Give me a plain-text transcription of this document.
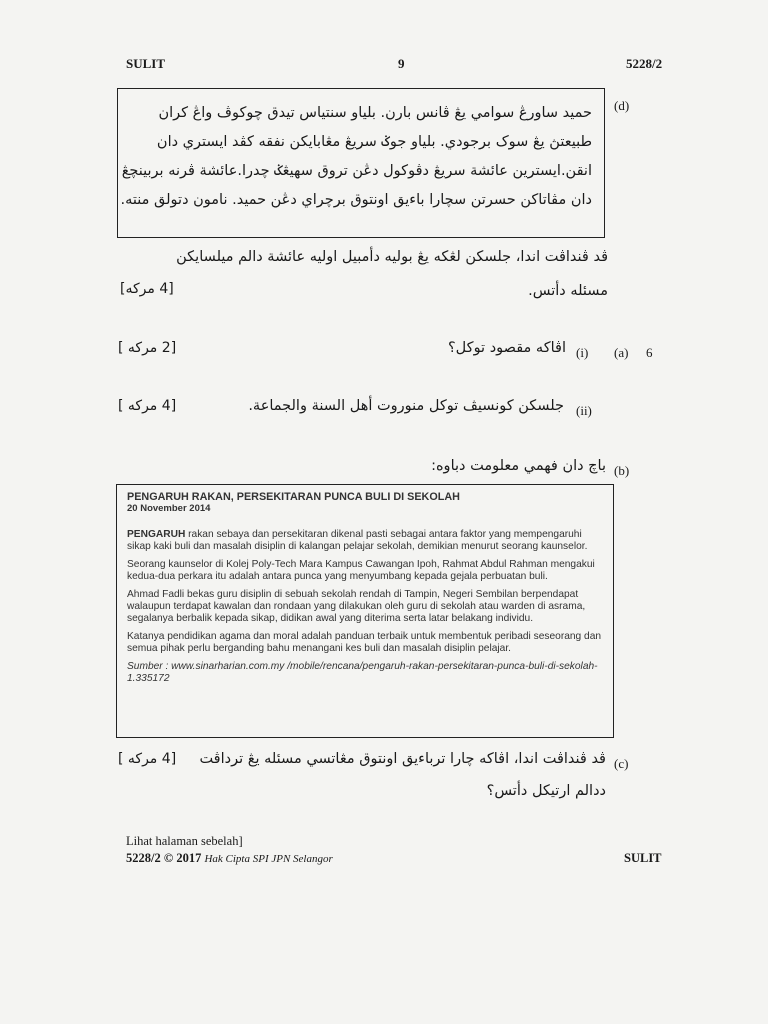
SULIT	9	5228/2
(d)
حميد ساورڠ سوامي يڠ ڤانس بارن. بلياو سنتياس تيدق چوکوڤ واڠ کران
طبيعتڽ يڠ سوک برجودي. بلياو جوݢ سريڠ مڠابايکن نفقه کڤد ايستري دان
انقن.ايسترين عائشة سريڠ دڤوکول دڠن تروق سهيڠݢ چدرا.عائشة ڤرنه بربينچڠ
دان مڤاتاکن حسرتن سچارا باءيق اونتوق برچراي دڠن حميد. نامون دتولق منته.
ڤد ڤنداڤت اندا، جلسکن لڠکه يڠ بوليه دأمبيل اوليه عائشة دالم ميلسايکن
مسئله دأتس.
[4 مرکه]
6
(a)
(i)
اڤاکه مقصود توکل؟
[2 مرکه ]
(ii)
جلسکن کونسيڤ توکل منوروت أهل السنة والجماعة.
[4 مرکه ]
(b)
باچ دان فهمي معلومت دباوه:
PENGARUH RAKAN, PERSEKITARAN PUNCA BULI DI SEKOLAH
20 November 2014

PENGARUH rakan sebaya dan persekitaran dikenal pasti sebagai antara faktor yang mempengaruhi sikap kaki buli dan masalah disiplin di kalangan pelajar sekolah, demikian menurut seorang kaunselor.

Seorang kaunselor di Kolej Poly-Tech Mara Kampus Cawangan Ipoh, Rahmat Abdul Rahman mengakui kedua-dua perkara itu adalah antara punca yang menyumbang kepada gejala perbuatan buli.

Ahmad Fadli bekas guru disiplin di sebuah sekolah rendah di Tampin, Negeri Sembilan berpendapat walaupun terdapat kawalan dan rondaan yang dilakukan oleh guru di sekolah atau warden di asrama, segalanya berbalik kepada sikap, didikan awal yang diterima serta latar belakang individu.

Katanya pendidikan agama dan moral adalah panduan terbaik untuk membentuk peribadi seseorang dan semua pihak perlu berganding bahu menangani kes buli dan masalah disiplin pelajar.

Sumber : www.sinarharian.com.my /mobile/rencana/pengaruh-rakan-persekitaran-punca-buli-di-sekolah-1.335172

(c)
ڤد ڤنداڤت اندا، اڤاکه چارا ترباءيق اونتوق مڠاتسي مسئله يڠ ترداڤت
ددالم ارتيکل دأتس؟
[4 مرکه ]
Lihat halaman sebelah]
5228/2 © 2017 Hak Cipta SPI JPN Selangor	SULIT
